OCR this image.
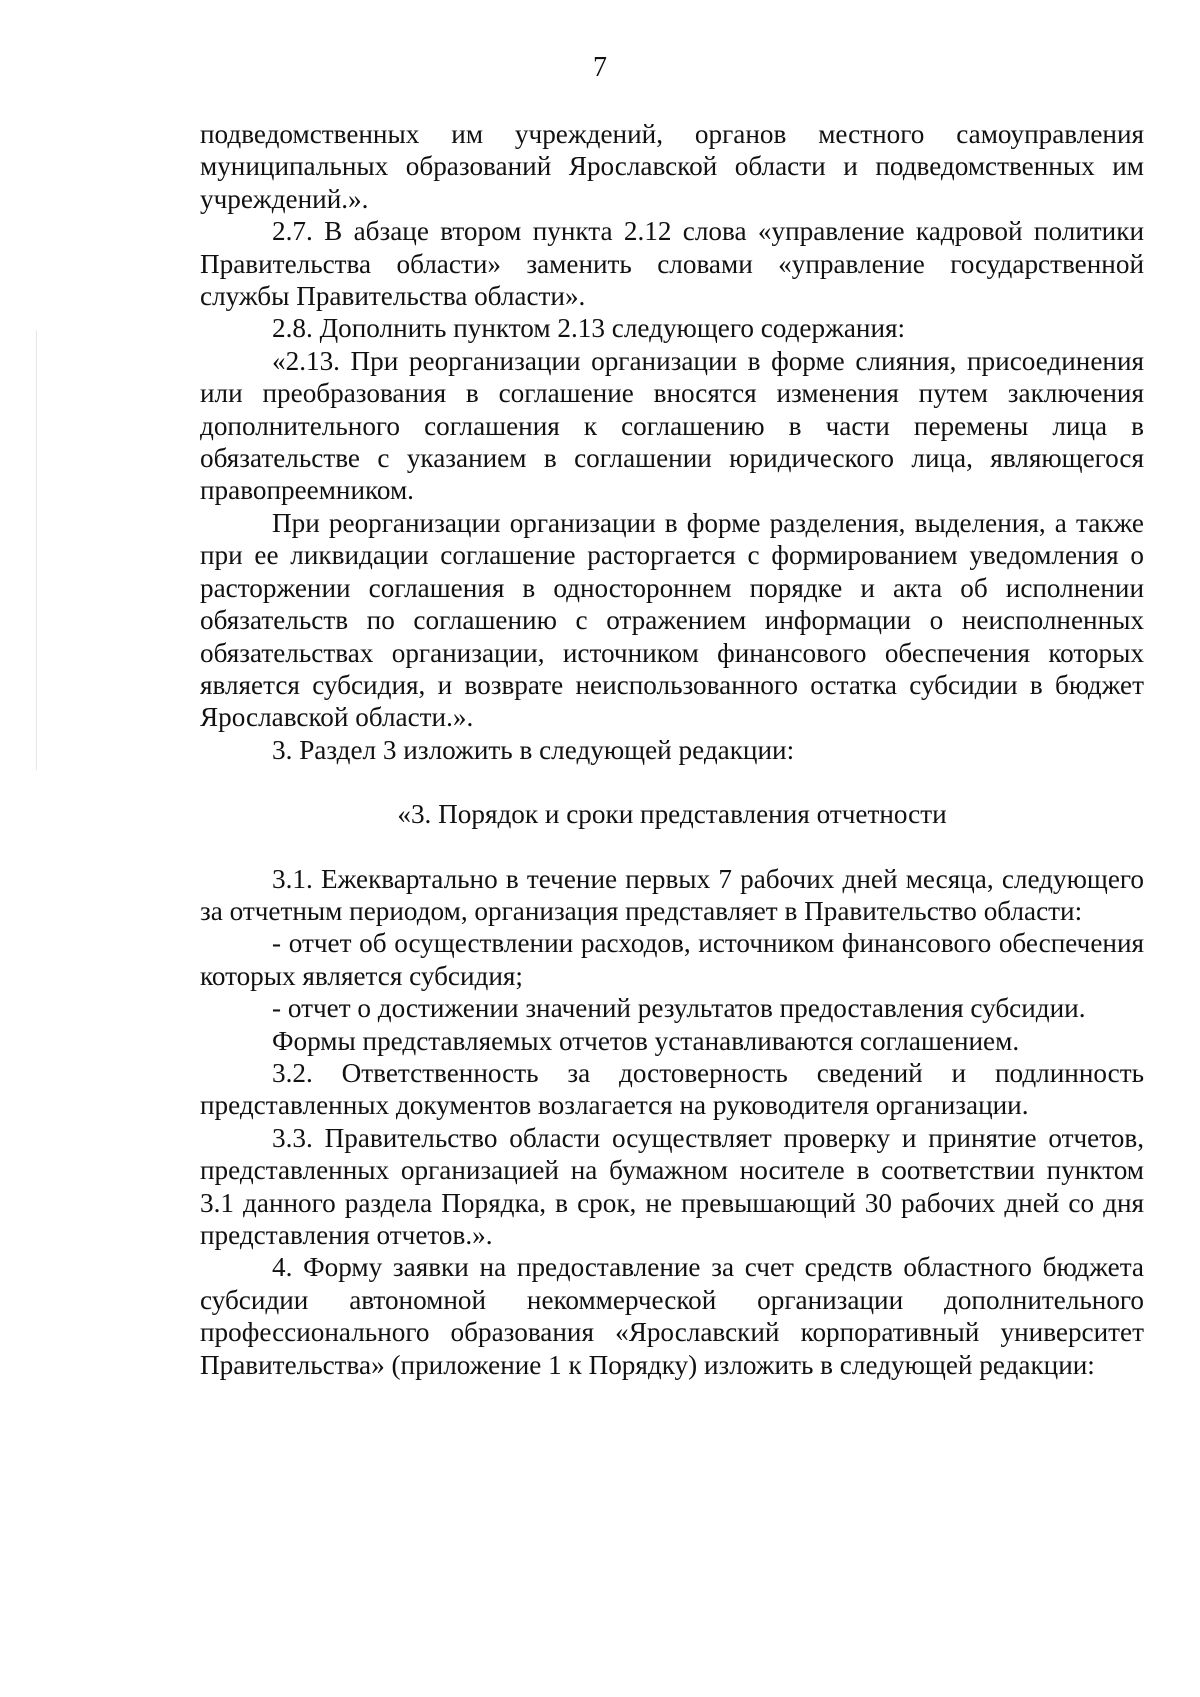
7

подведомственных им учреждений, органов местного самоуправления муниципальных образований Ярославской области и подведомственных им учреждений.».

2.7. В абзаце втором пункта 2.12 слова «управление кадровой политики Правительства области» заменить словами «управление государственной службы Правительства области».

2.8. Дополнить пунктом 2.13 следующего содержания:

«2.13. При реорганизации организации в форме слияния, присоединения или преобразования в соглашение вносятся изменения путем заключения дополнительного соглашения к соглашению в части перемены лица в обязательстве с указанием в соглашении юридического лица, являющегося правопреемником.

При реорганизации организации в форме разделения, выделения, а также при ее ликвидации соглашение расторгается с формированием уведомления о расторжении соглашения в одностороннем порядке и акта об исполнении обязательств по соглашению с отражением информации о неисполненных обязательствах организации, источником финансового обеспечения которых является субсидия, и возврате неиспользованного остатка субсидии в бюджет Ярославской области.».

3. Раздел 3 изложить в следующей редакции:

«3. Порядок и сроки представления отчетности

3.1. Ежеквартально в течение первых 7 рабочих дней месяца, следующего за отчетным периодом, организация представляет в Правительство области:

- отчет об осуществлении расходов, источником финансового обеспечения которых является субсидия;

- отчет о достижении значений результатов предоставления субсидии.

Формы представляемых отчетов устанавливаются соглашением.

3.2. Ответственность за достоверность сведений и подлинность представленных документов возлагается на руководителя организации.

3.3. Правительство области осуществляет проверку и принятие отчетов, представленных организацией на бумажном носителе в соответствии пунктом 3.1 данного раздела Порядка, в срок, не превышающий 30 рабочих дней со дня представления отчетов.».

4. Форму заявки на предоставление за счет средств областного бюджета субсидии автономной некоммерческой организации дополнительного профессионального образования «Ярославский корпоративный университет Правительства» (приложение 1 к Порядку) изложить в следующей редакции:
